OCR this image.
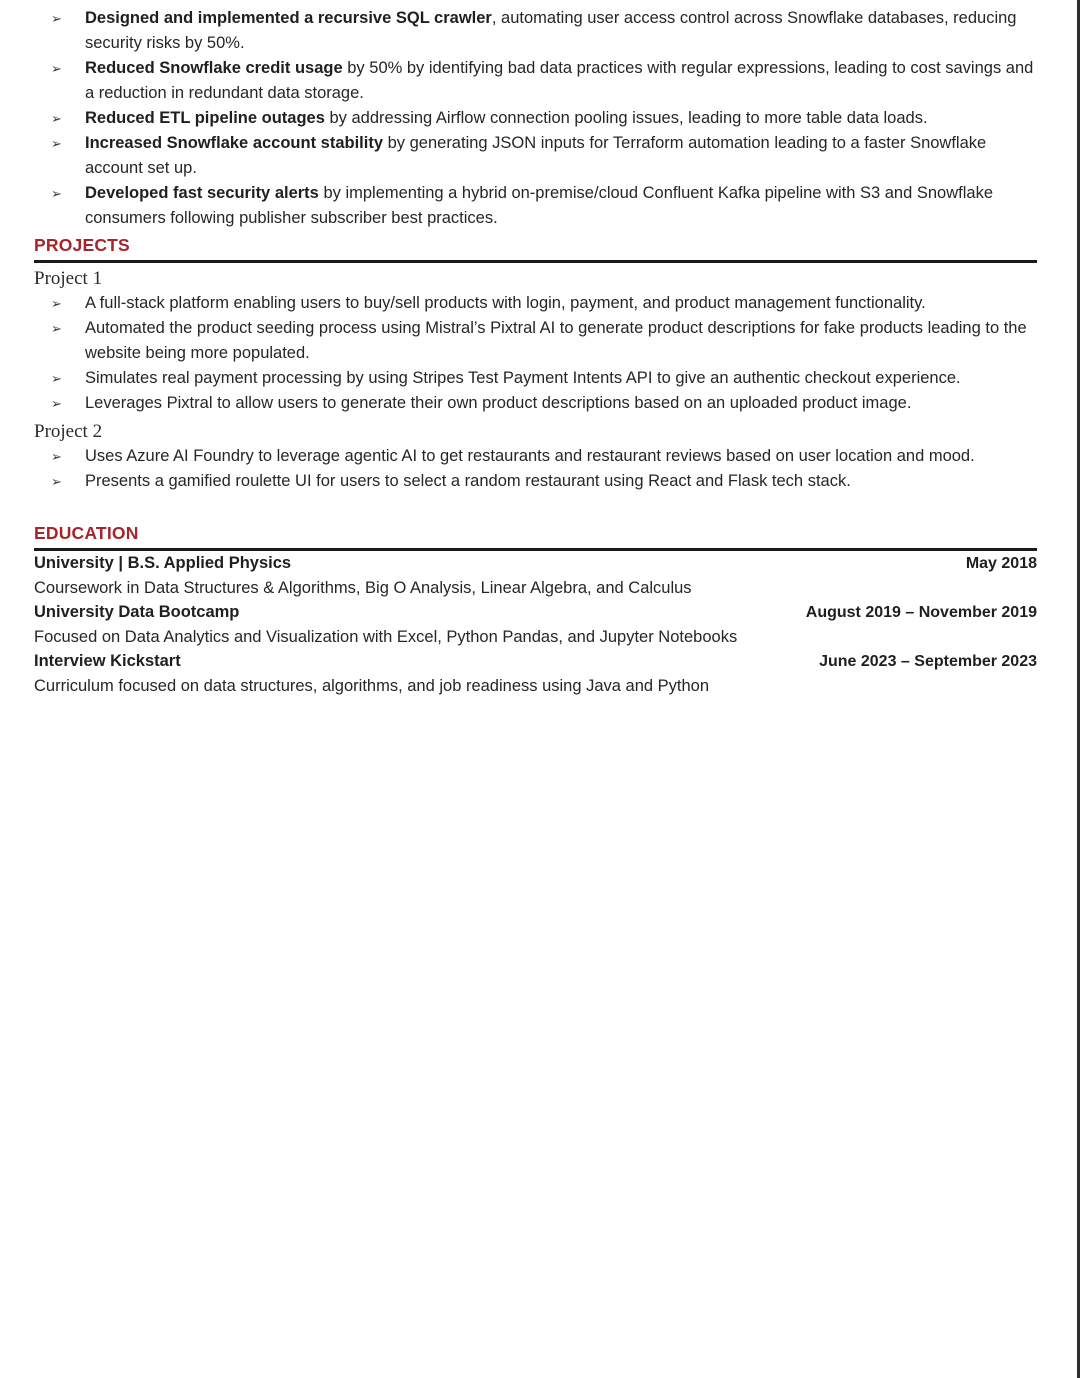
➢	Designed and implemented a recursive SQL crawler, automating user access control across Snowflake databases, reducing security risks by 50%.
➢	Reduced Snowflake credit usage by 50% by identifying bad data practices with regular expressions, leading to cost savings and a reduction in redundant data storage.
➢	Reduced ETL pipeline outages by addressing Airflow connection pooling issues, leading to more table data loads.
➢	Increased Snowflake account stability by generating JSON inputs for Terraform automation leading to a faster Snowflake account set up.
➢	Developed fast security alerts by implementing a hybrid on-premise/cloud Confluent Kafka pipeline with S3 and Snowflake consumers following publisher subscriber best practices.
PROJECTS
Project 1
➢	A full-stack platform enabling users to buy/sell products with login, payment, and product management functionality.
➢	Automated the product seeding process using Mistral’s Pixtral AI to generate product descriptions for fake products leading to the website being more populated.
➢	Simulates real payment processing by using Stripes Test Payment Intents API to give an authentic checkout experience.
➢	Leverages Pixtral to allow users to generate their own product descriptions based on an uploaded product image.
Project 2
➢	Uses Azure AI Foundry to leverage agentic AI to get restaurants and restaurant reviews based on user location and mood.
➢	Presents a gamified roulette UI for users to select a random restaurant using React and Flask tech stack.
EDUCATION
University | B.S. Applied Physics	May 2018
Coursework in Data Structures & Algorithms, Big O Analysis, Linear Algebra, and Calculus
University Data Bootcamp	August 2019 – November 2019
Focused on Data Analytics and Visualization with Excel, Python Pandas, and Jupyter Notebooks
Interview Kickstart	June 2023 – September 2023
Curriculum focused on data structures, algorithms, and job readiness using Java and Python
